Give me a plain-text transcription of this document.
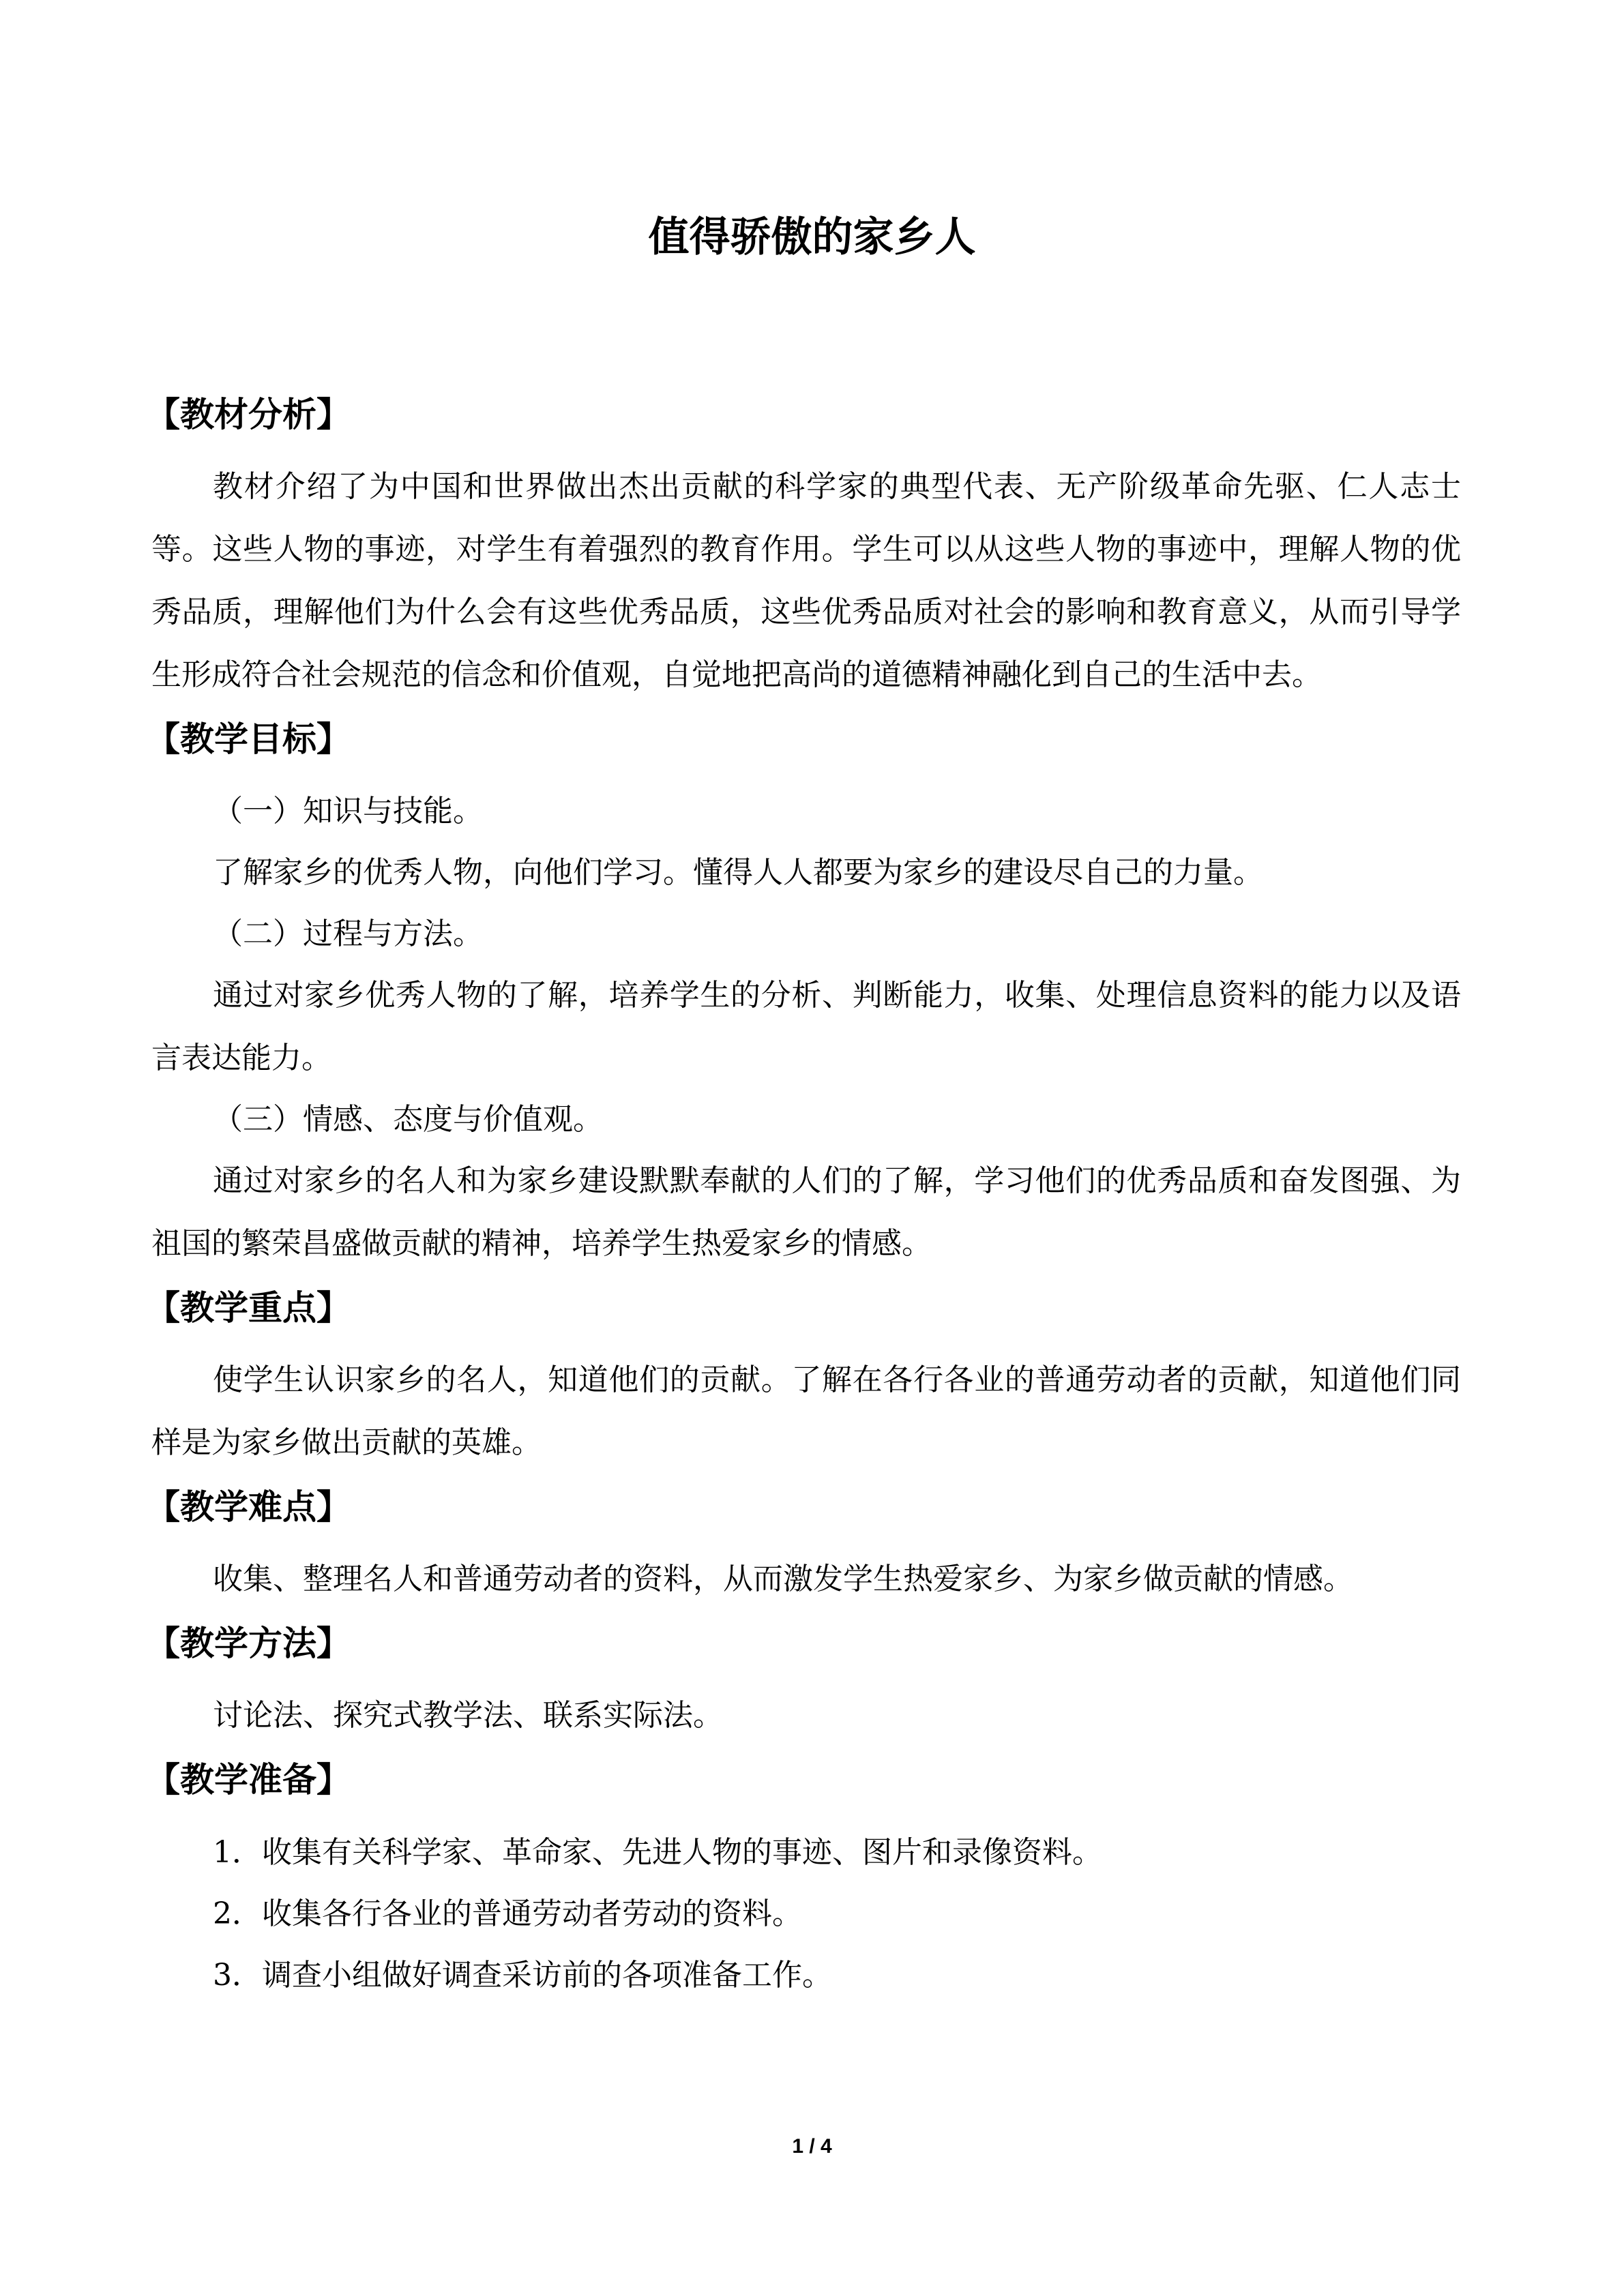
值得骄傲的家乡人
【教材分析】

教材介绍了为中国和世界做出杰出贡献的科学家的典型代表、无产阶级革命先驱、仁人志士等。这些人物的事迹，对学生有着强烈的教育作用。学生可以从这些人物的事迹中，理解人物的优秀品质，理解他们为什么会有这些优秀品质，这些优秀品质对社会的影响和教育意义，从而引导学生形成符合社会规范的信念和价值观，自觉地把高尚的道德精神融化到自己的生活中去。

【教学目标】

（一）知识与技能。

了解家乡的优秀人物，向他们学习。懂得人人都要为家乡的建设尽自己的力量。

（二）过程与方法。

通过对家乡优秀人物的了解，培养学生的分析、判断能力，收集、处理信息资料的能力以及语言表达能力。

（三）情感、态度与价值观。

通过对家乡的名人和为家乡建设默默奉献的人们的了解，学习他们的优秀品质和奋发图强、为祖国的繁荣昌盛做贡献的精神，培养学生热爱家乡的情感。

【教学重点】

使学生认识家乡的名人，知道他们的贡献。了解在各行各业的普通劳动者的贡献，知道他们同样是为家乡做出贡献的英雄。

【教学难点】

收集、整理名人和普通劳动者的资料，从而激发学生热爱家乡、为家乡做贡献的情感。

【教学方法】

讨论法、探究式教学法、联系实际法。

【教学准备】

1．收集有关科学家、革命家、先进人物的事迹、图片和录像资料。

2．收集各行各业的普通劳动者劳动的资料。

3．调查小组做好调查采访前的各项准备工作。

1 / 4
